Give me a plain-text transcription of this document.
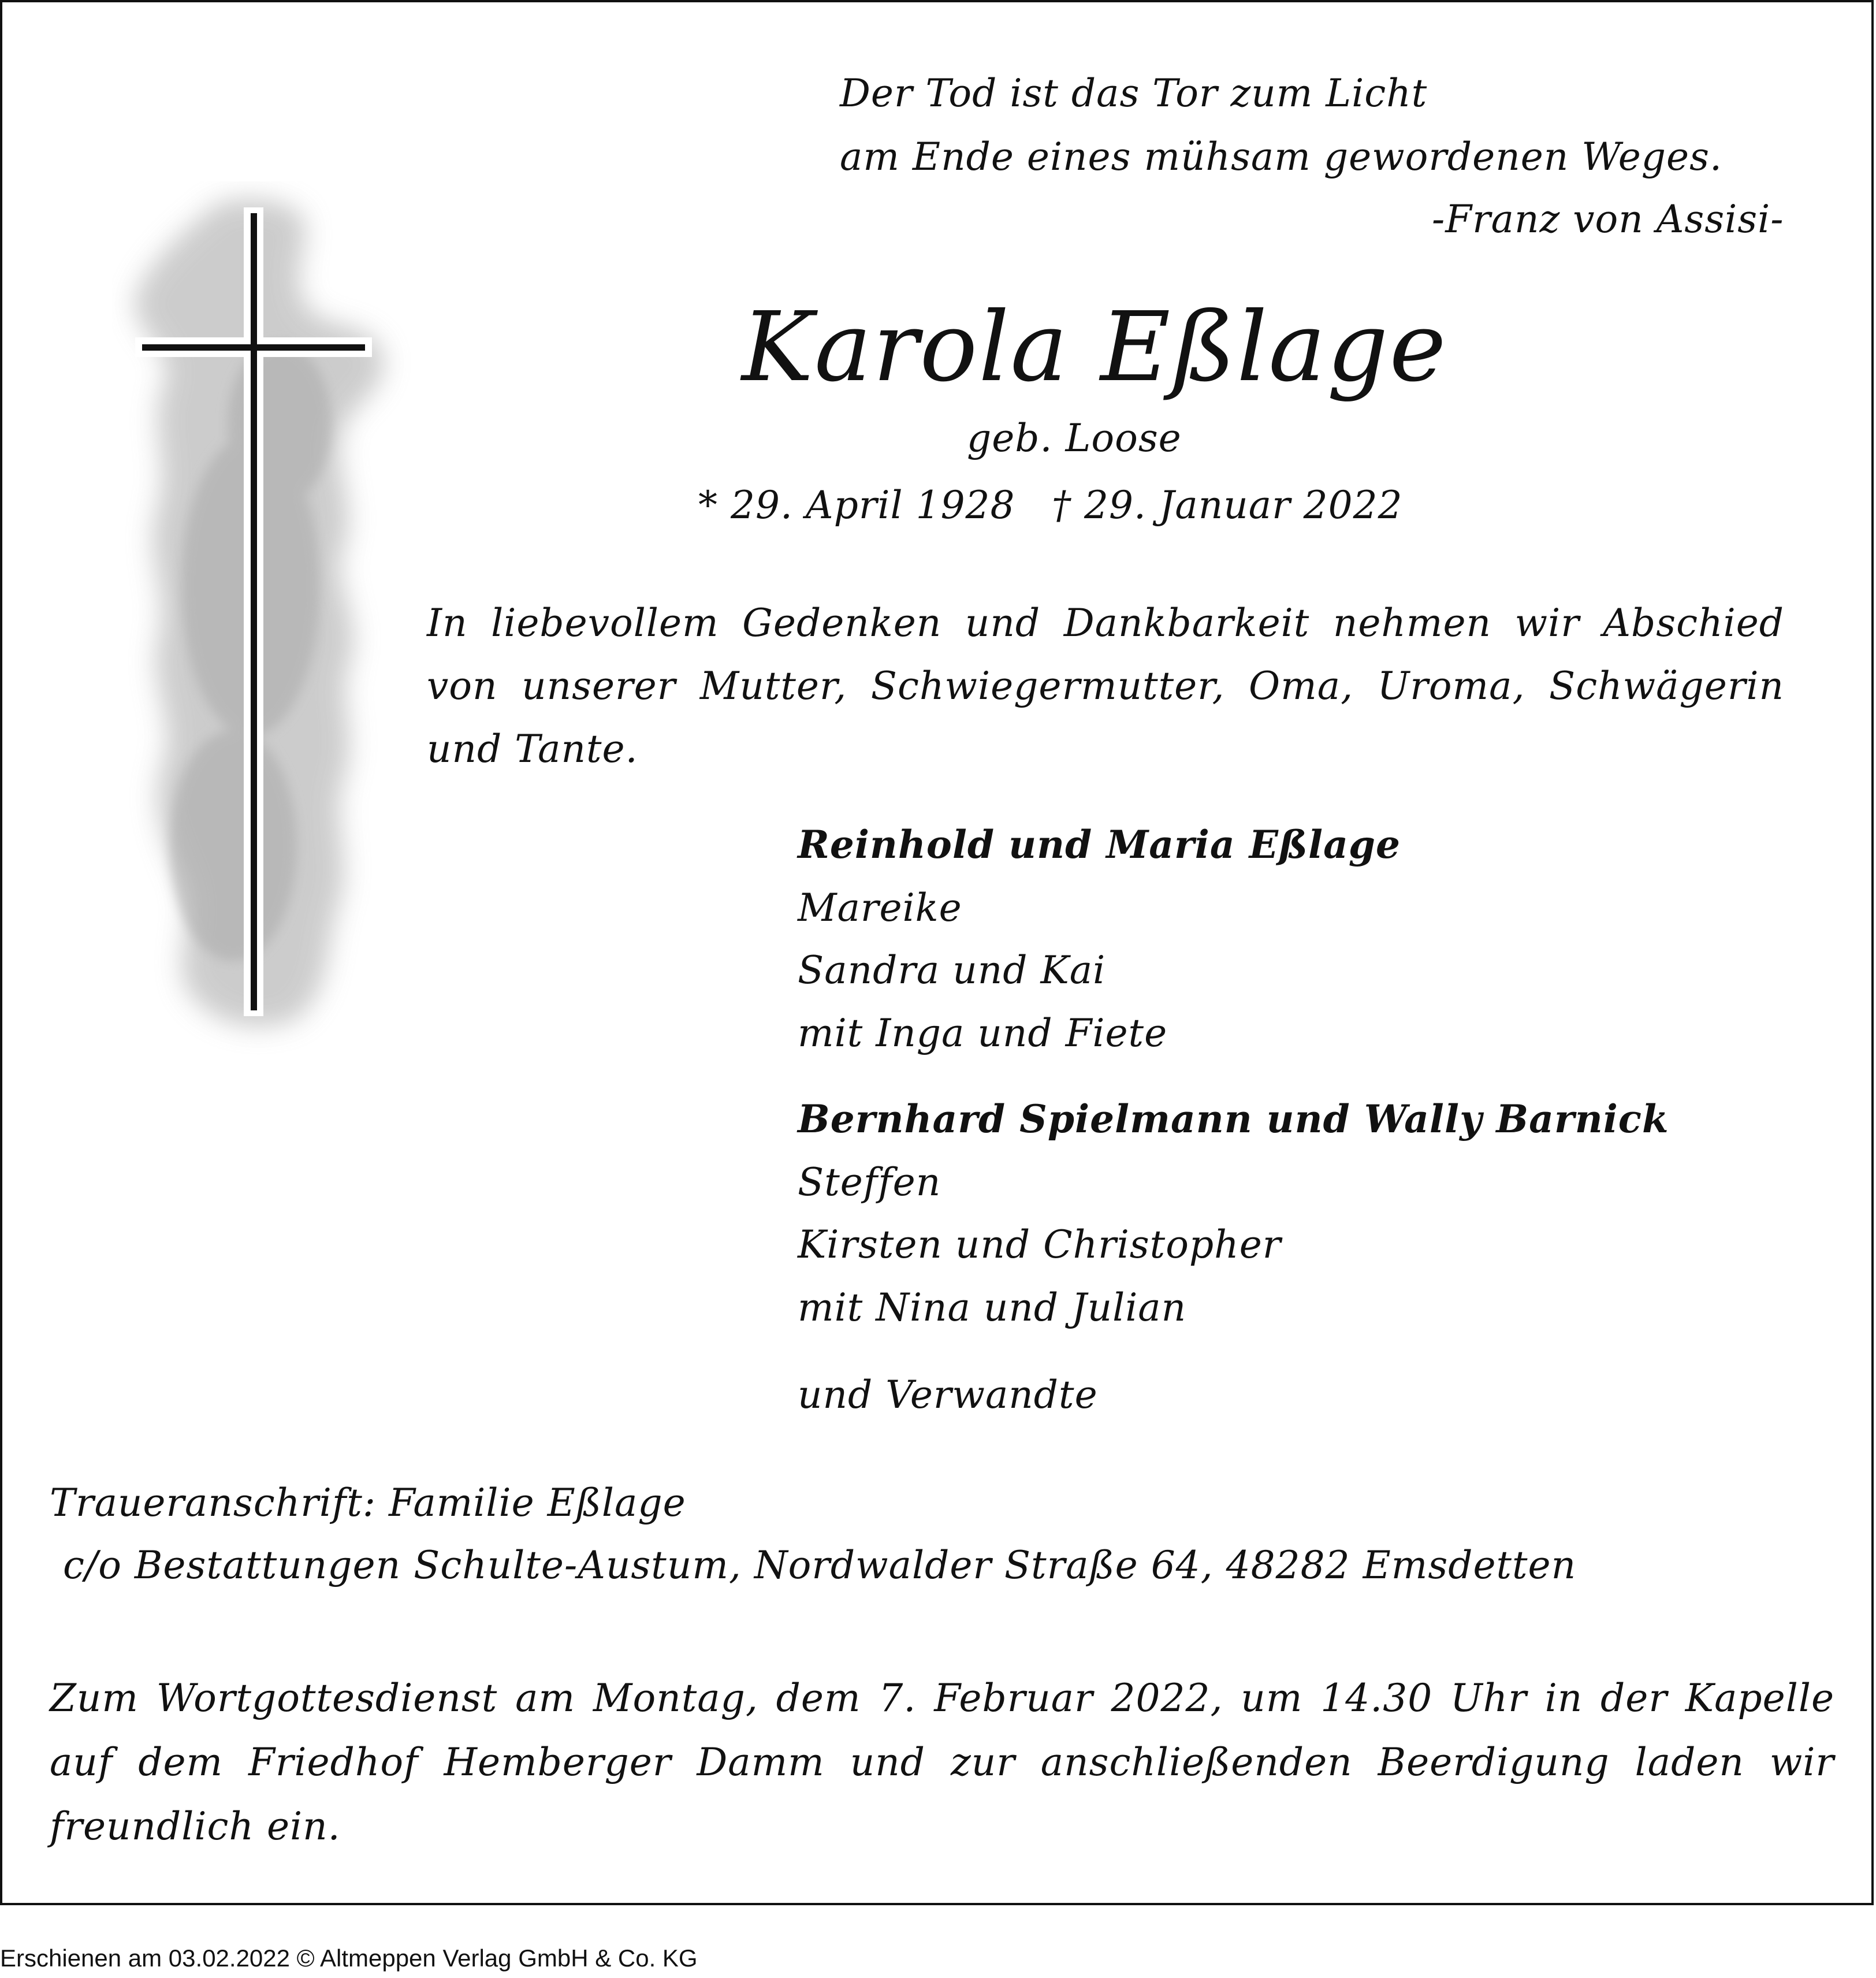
Der Tod ist das Tor zum Licht

am Ende eines mühsam gewordenen Weges.

-Franz von Assisi-

Karola Eßlage

geb. Loose

* 29. April 1928 † 29. Januar 2022

In liebevollem Gedenken und Dankbarkeit nehmen wir Abschied
von unserer Mutter, Schwiegermutter, Oma, Uroma, Schwägerin
und Tante.

Reinhold und Maria Eßlage

Mareike

Sandra und Kai

mit Inga und Fiete

Bernhard Spielmann und Wally Barnick

Steffen

Kirsten und Christopher

mit Nina und Julian

und Verwandte

Traueranschrift: Familie Eßlage

c/o Bestattungen Schulte-Austum, Nordwalder Straße 64, 48282 Emsdetten

Zum Wortgottesdienst am Montag, dem 7. Februar 2022, um 14.30 Uhr in der Kapelle
auf dem Friedhof Hemberger Damm und zur anschließenden Beerdigung laden wir
freundlich ein.
Erschienen am 03.02.2022 © Altmeppen Verlag GmbH & Co. KG
